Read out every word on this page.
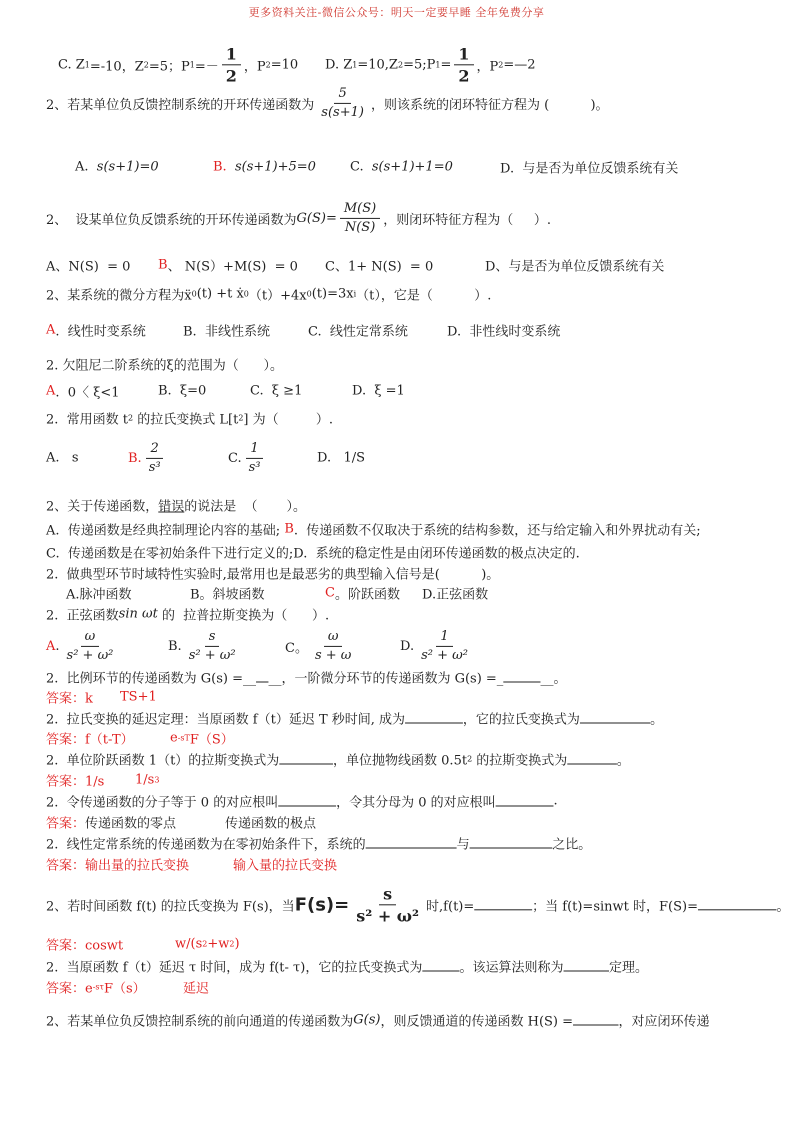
更多资料关注-微信公众号：明天一定要早睡 全年免费分享
C. Z 1 =-10，Z 2 =5；P $1 =- \frac{1}{2}$ ，P 2 =10 D. Z 1 =10,Z 2 =5;P $1 = \frac{1}{2}$ ，P 2 =—2
2、若某单位负反馈控制系统的开环传递函数为 $\frac{5}{s(s+1)}$ ，则该系统的闭环特征方程为 (          )。
A. s(s+1)=0	B.
s(s+1)+5=0	C. s(s+1)+1=0	D.  与是否为单位反馈系统有关
2、  设某单位负反馈系统的开环传递函数为 $G(S)= \frac{M(S)}{N(S)}$ ，则闭环特征方程为（     ）.
A、N(S)  = 0 B 、 N(S）+M(S)  = 0 C、1+ N(S)  = 0	D、与是否为单位反馈系统有关
2、某系统的微分方程为ẍ 0 (t) +t ẋ 0 （t）+4x 0 (t)=3x i （t），它是（          ）.
A .  线性时变系统	B.  非线性系统	C.  线性定常系统	D.  非性线时变系统
2. 欠阻尼二阶系统的ξ的范围为（      ）。
A .  0〈 ξ<1	B.  ξ=0	C.  ξ ≥1	D.  ξ =1
2.  常用函数 t 2 的拉氏变换式 L[t 2 ] 为（         ）.
A.   s	B. $\frac{2}{\text{s³}}$	C. $\frac{1}{\text{s³}}$	D.   1/S
2、关于传递函数， 错误 的说法是  （       ）。
A.  传递函数是经典控制理论内容的基础; B .  传递函数不仅取决于系统的结构参数，还与给定输入和外界扰动有关;
C.  传递函数是在零初始条件下进行定义的;D.  系统的稳定性是由闭环传递函数的极点决定的.
2.  做典型环节时域特性实验时,最常用也是最恶劣的典型输入信号是(          )。
A.脉冲函数	B。斜坡函数	C 。阶跃函数 D.正弦函数
2.  正弦函数 sin ωt 的  拉普拉斯变换为（      ）.
A . $\frac{\omega}{\text{s² + ω²}}$	B. $\frac{s}{\text{s² + ω²}}$	C。 $\frac{\omega}{s + \omega}$	D. $\frac{1}{\text{s² + ω²}}$
2.  比例环节的传递函数为 G(s) =__
__，一阶微分环节的传递函数为 G(s) =_
	__。
答案：k TS+1
2.  拉氏变换的延迟定理：当原函数 f（t）延迟 T 秒时间, 成为
	，它的拉氏变换式为
	。
答案：f（t-T）	e -sT F（S）
2.  单位阶跃函数 1（t）的拉斯变换式为
	，单位抛物线函数 0.5t 2 的拉斯变换式为
	。
答案：1/s 1/s 3
2.  令传递函数的分子等于 0 的对应根叫
	，令其分母为 0 的对应根叫
	.
答案： 传递函数的零点	传递函数的极点
2.  线性定常系统的传递函数为在零初始条件下，系统的
	与
	之比。
答案：输出量的拉氏变换	输入量的拉氏变换
2、若时间函数 f(t) 的拉氏变换为 F(s)，当 $F(s)= \frac{s}{\text{s² + ω²}}$ 时,f(t)=
	；当 f(t)=sinwt 时，F(S)=
	。
答案：coswt	w/(s 2 +w 2 )
2.  当原函数 f（t）延迟 τ 时间，成为 f(t- τ)，它的拉氏变换式为
	。该运算法则称为
	定理。
答案：e -sτ F（s）	延迟
2、若某单位负反馈控制系统的前向通道的传递函数为 G(s) ，则反馈通道的传递函数 H(S) =
	，对应闭环传递
